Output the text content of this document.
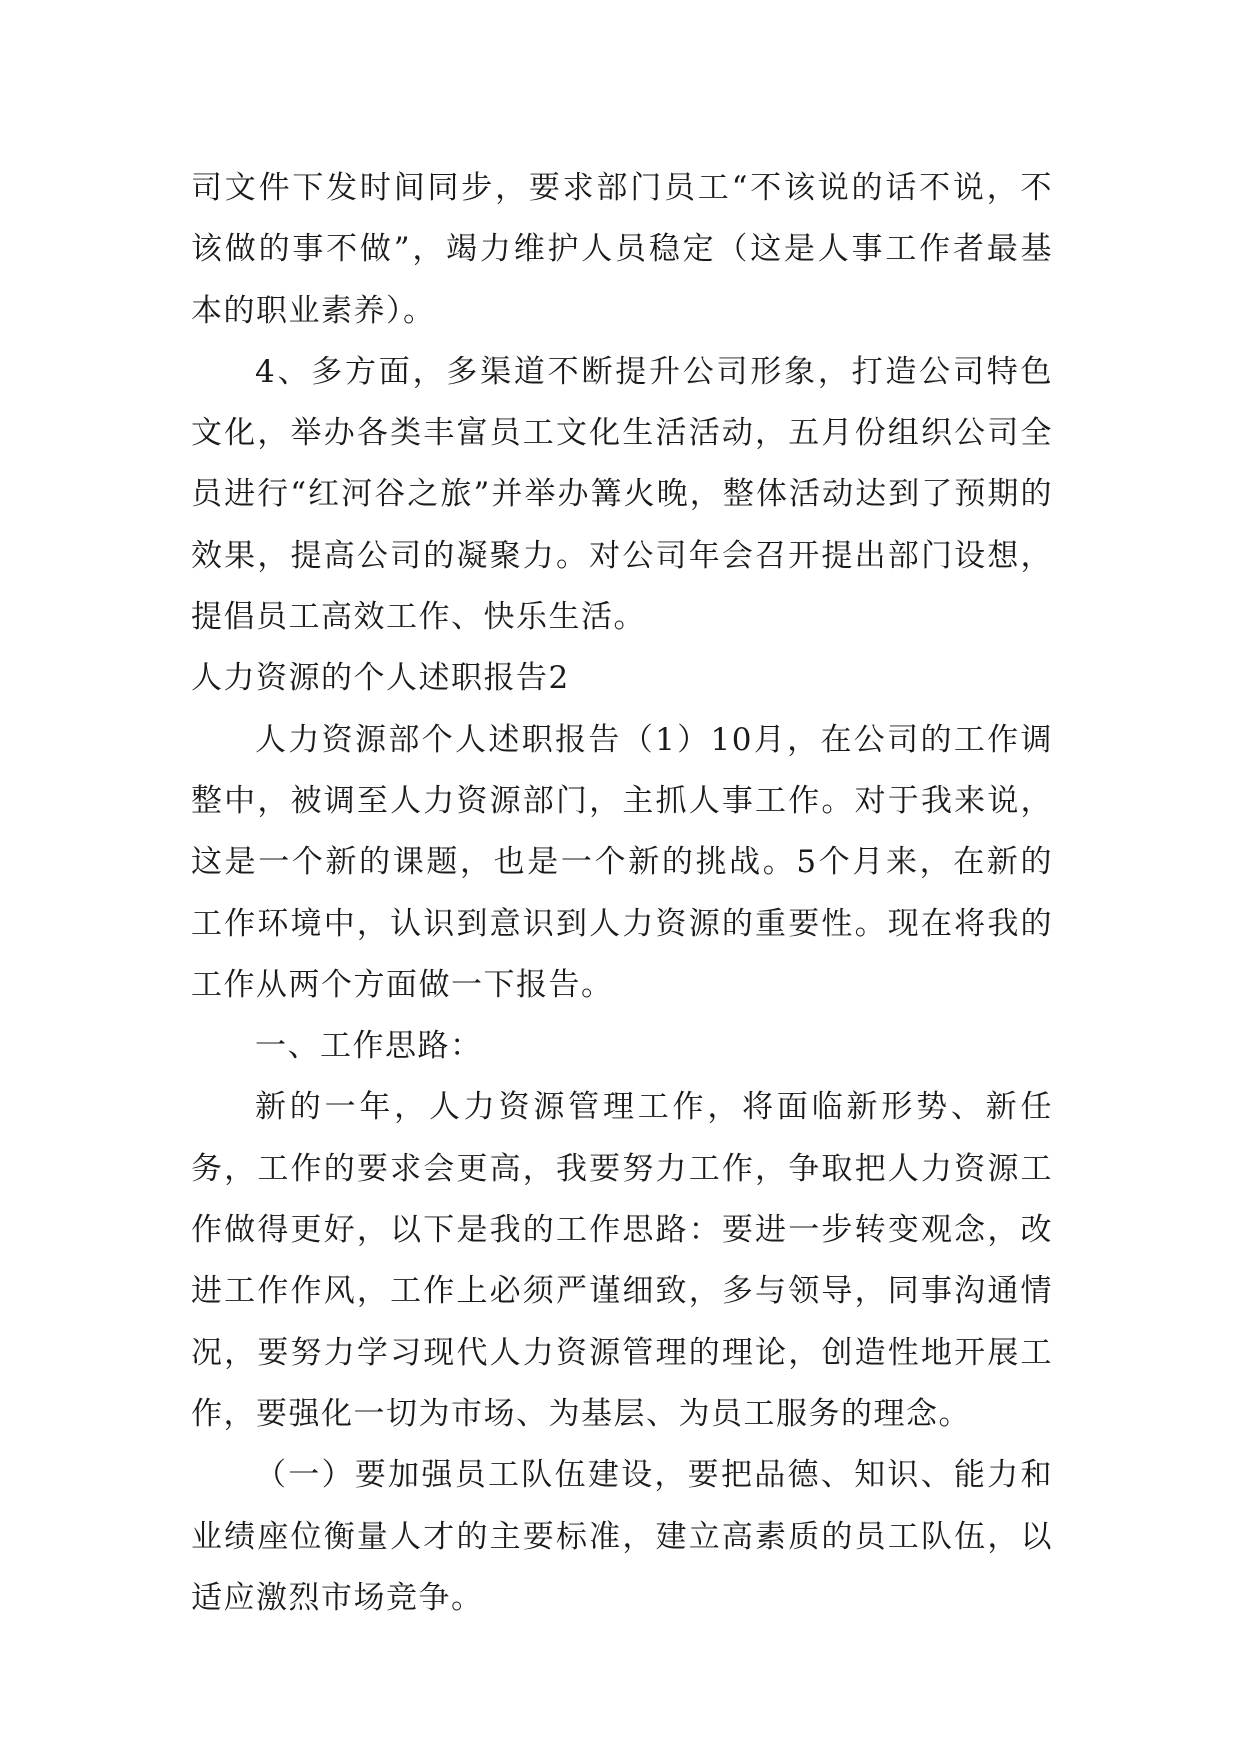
司文件下发时间同步，要求部门员工“不该说的话不说，不该做的事不做”，竭力维护人员稳定（这是人事工作者最基本的职业素养）。

4、多方面，多渠道不断提升公司形象，打造公司特色文化，举办各类丰富员工文化生活活动，五月份组织公司全员进行“红河谷之旅”并举办篝火晚，整体活动达到了预期的效果，提高公司的凝聚力。对公司年会召开提出部门设想，提倡员工高效工作、快乐生活。

人力资源的个人述职报告2

人力资源部个人述职报告（1）10月，在公司的工作调整中，被调至人力资源部门，主抓人事工作。对于我来说，这是一个新的课题，也是一个新的挑战。5个月来，在新的工作环境中，认识到意识到人力资源的重要性。现在将我的工作从两个方面做一下报告。

一、工作思路：

新的一年，人力资源管理工作，将面临新形势、新任务，工作的要求会更高，我要努力工作，争取把人力资源工作做得更好，以下是我的工作思路：要进一步转变观念，改进工作作风，工作上必须严谨细致，多与领导，同事沟通情况，要努力学习现代人力资源管理的理论，创造性地开展工作，要强化一切为市场、为基层、为员工服务的理念。

（一）要加强员工队伍建设，要把品德、知识、能力和业绩座位衡量人才的主要标准，建立高素质的员工队伍，以适应激烈市场竞争。
